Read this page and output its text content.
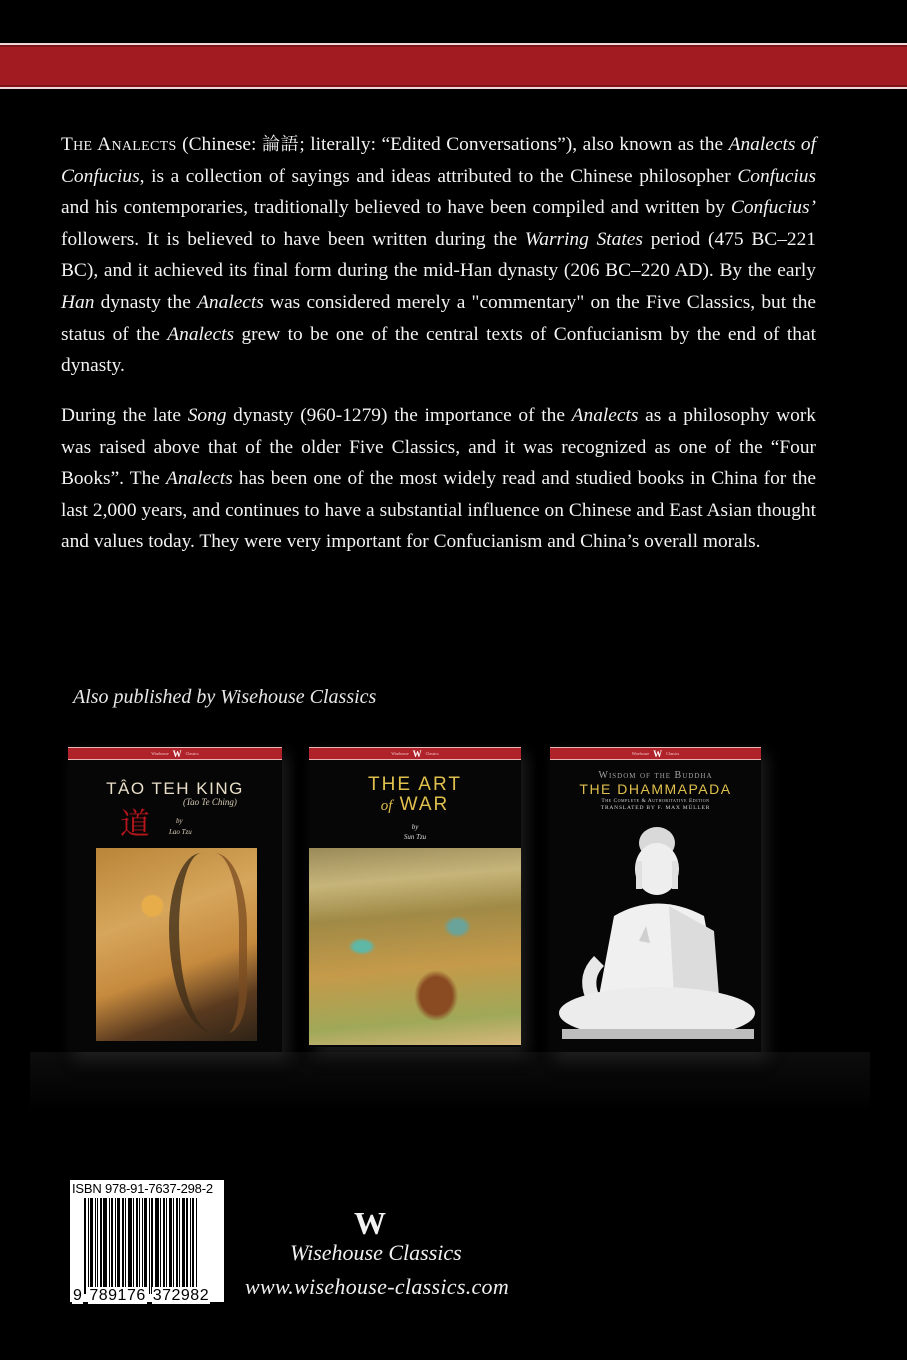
The Analects (Chinese: 論語; literally: “Edited Conversations”), also known as the Analects of Confucius, is a collection of sayings and ideas attributed to the Chinese philosopher Confucius and his contemporaries, traditionally believed to have been compiled and written by Confucius’ followers. It is believed to have been written during the Warring States period (475 BC–221 BC), and it achieved its final form during the mid-Han dynasty (206 BC–220 AD). By the early Han dynasty the Analects was considered merely a "commentary" on the Five Classics, but the status of the Analects grew to be one of the central texts of Confucianism by the end of that dynasty.

During the late Song dynasty (960-1279) the importance of the Analects as a philosophy work was raised above that of the older Five Classics, and it was recognized as one of the “Four Books”. The Analects has been one of the most widely read and studied books in China for the last 2,000 years, and continues to have a substantial influence on Chinese and East Asian thought and values today. They were very important for Confucianism and China’s overall morals.

Also published by Wisehouse Classics
Wisehouse W Classics
TÂO TEH KING
道
(Tao Te Ching)
by
Lao Tzu
Wisehouse W Classics
THE ART
of WAR
by
Sun Tzu
Wisehouse W Classics
Wisdom of the Buddha
THE DHAMMAPADA
The Complete & Authoritative Edition
TRANSLATED BY F. MAX MÜLLER
ISBN 978-91-7637-298-2
9 789176 372982
W
Wisehouse Classics
www.wisehouse-classics.com
